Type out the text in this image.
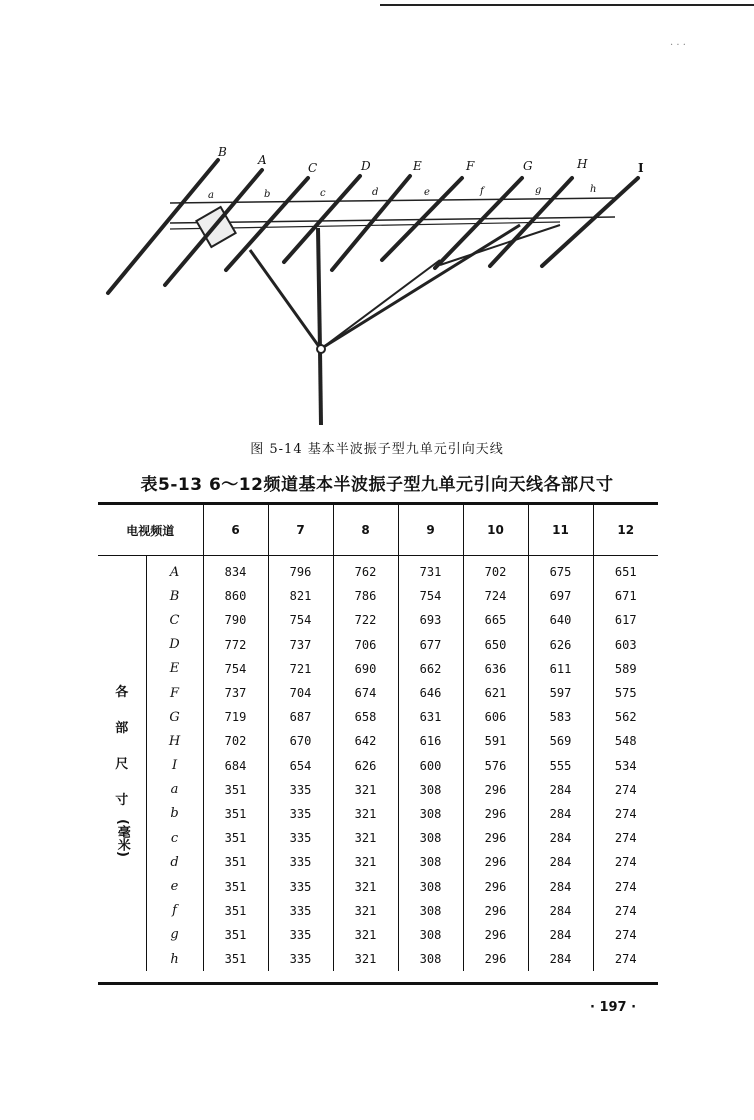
· · ·
B
A
C	D	E	F	G	H	I
a	b	c	d	e	f	g	h
图 5-14 基本半波振子型九单元引向天线
表5-13 6～12频道基本半波振子型九单元引向天线各部尺寸
电视频道		6	7	8	9	10	11	12

各
部
尺
寸
(毫米)	A	834	796	762	731	702	675	651
	B	860	821	786	754	724	697	671
	C	790	754	722	693	665	640	617
	D	772	737	706	677	650	626	603
	E	754	721	690	662	636	611	589
	F	737	704	674	646	621	597	575
	G	719	687	658	631	606	583	562
	H	702	670	642	616	591	569	548
	I	684	654	626	600	576	555	534
	a	351	335	321	308	296	284	274
	b	351	335	321	308	296	284	274
	c	351	335	321	308	296	284	274
	d	351	335	321	308	296	284	274
	e	351	335	321	308	296	284	274
	f	351	335	321	308	296	284	274
	g	351	335	321	308	296	284	274
	h	351	335	321	308	296	284	274
· 197 ·
